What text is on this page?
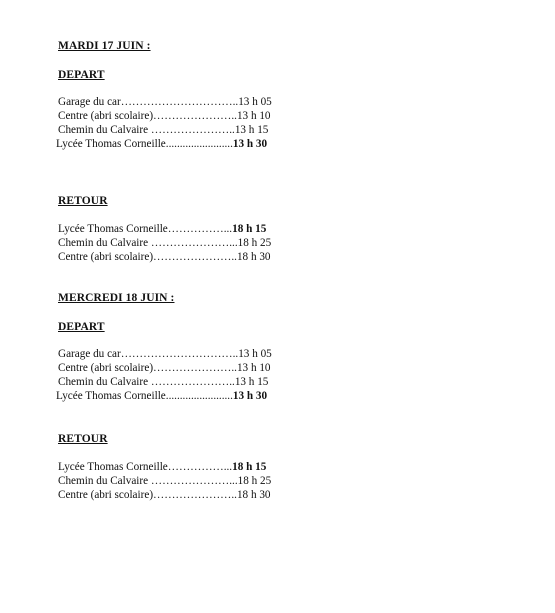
MARDI 17 JUIN :
DEPART
Garage du car…………………………..13 h 05
Centre (abri scolaire)…………………..13 h 10
Chemin du Calvaire …………………..13 h 15
Lycée Thomas Corneille........................13 h 30
RETOUR
Lycée Thomas Corneille……………...18 h 15
Chemin du Calvaire …………………...18 h 25
Centre (abri scolaire)…………………..18 h 30
MERCREDI 18 JUIN :
DEPART
Garage du car…………………………..13 h 05
Centre (abri scolaire)…………………..13 h 10
Chemin du Calvaire …………………..13 h 15
Lycée Thomas Corneille........................13 h 30
RETOUR
Lycée Thomas Corneille……………...18 h 15
Chemin du Calvaire …………………...18 h 25
Centre (abri scolaire)…………………..18 h 30
